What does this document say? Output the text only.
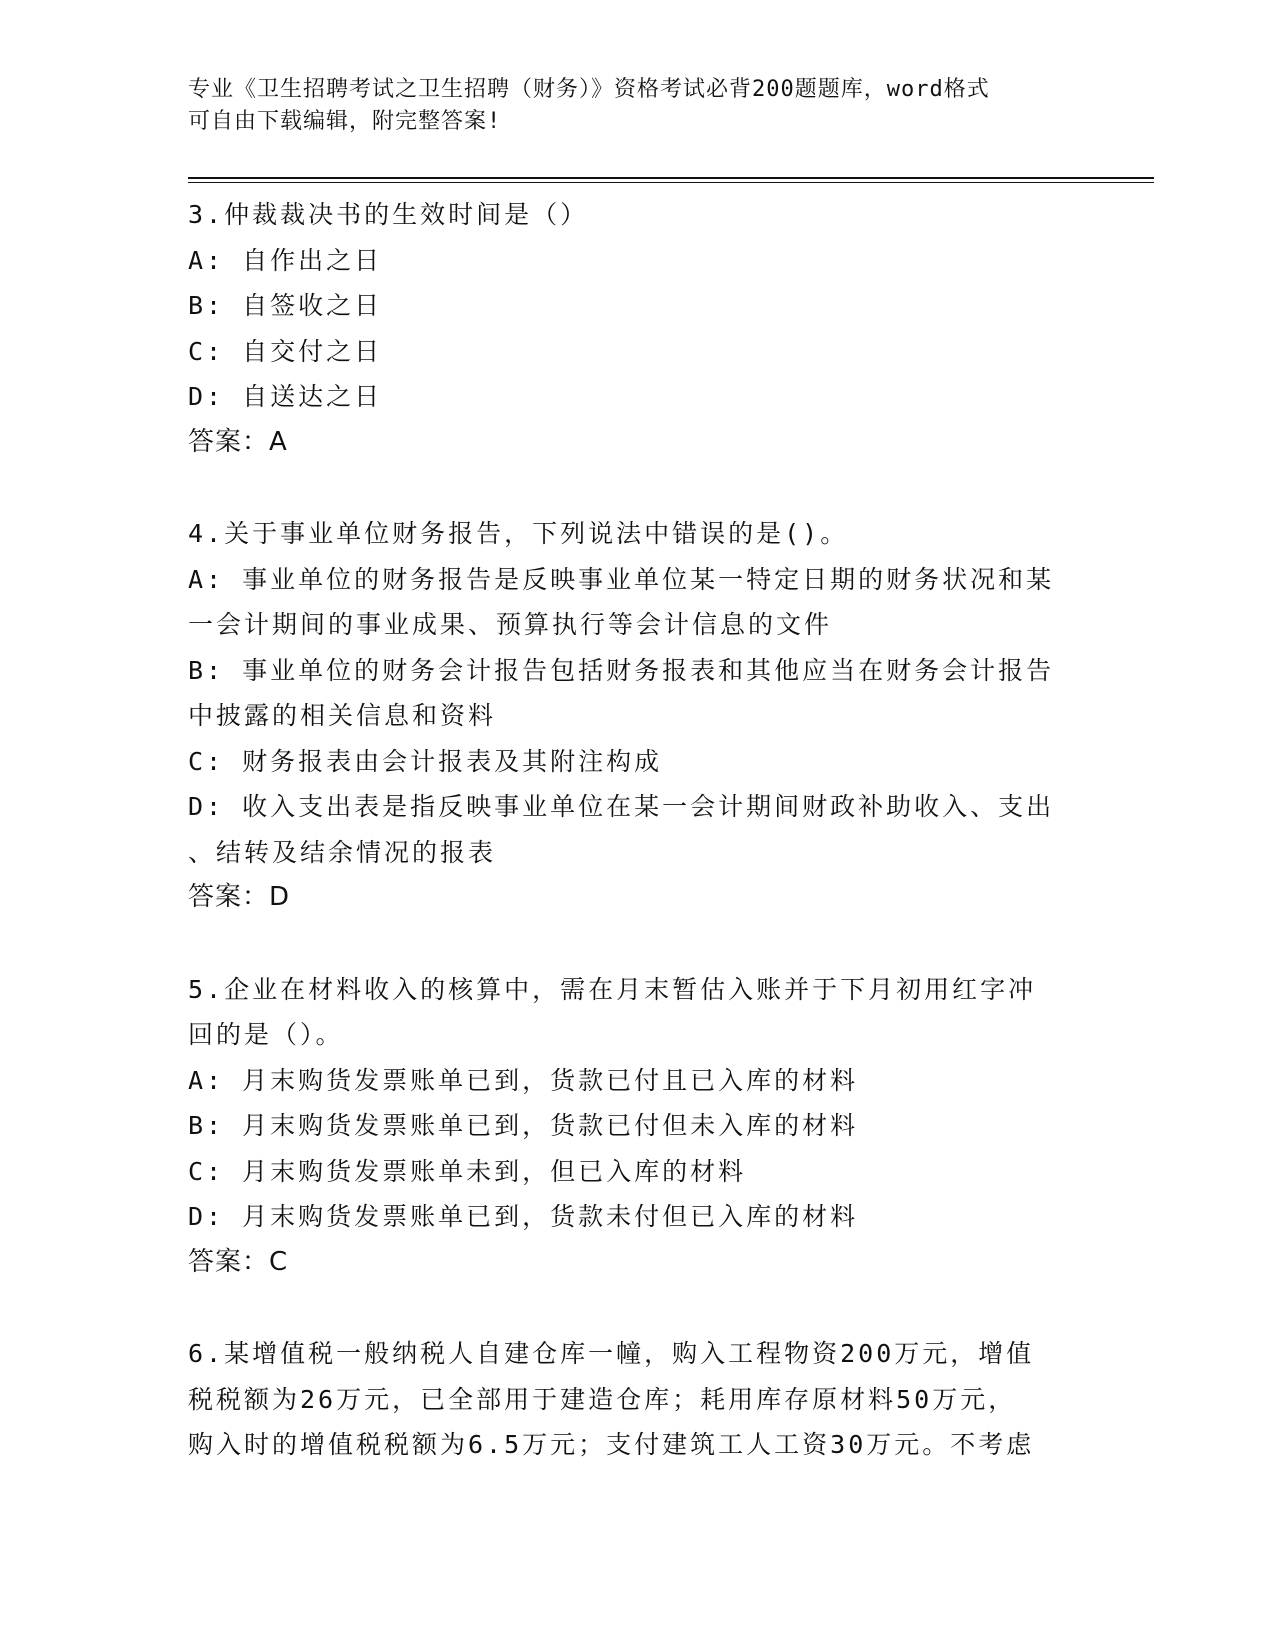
专业《卫生招聘考试之卫生招聘（财务）》资格考试必背200题题库，word格式
可自由下载编辑，附完整答案!
3.仲裁裁决书的生效时间是（）
A: 自作出之日
B: 自签收之日
C: 自交付之日
D: 自送达之日
答案：A
4.关于事业单位财务报告，下列说法中错误的是()。
A: 事业单位的财务报告是反映事业单位某一特定日期的财务状况和某
一会计期间的事业成果、预算执行等会计信息的文件
B: 事业单位的财务会计报告包括财务报表和其他应当在财务会计报告
中披露的相关信息和资料
C: 财务报表由会计报表及其附注构成
D: 收入支出表是指反映事业单位在某一会计期间财政补助收入、支出
、结转及结余情况的报表
答案：D
5.企业在材料收入的核算中，需在月末暂估入账并于下月初用红字冲
回的是（）。
A: 月末购货发票账单已到，货款已付且已入库的材料
B: 月末购货发票账单已到，货款已付但未入库的材料
C: 月末购货发票账单未到，但已入库的材料
D: 月末购货发票账单已到，货款未付但已入库的材料
答案：C
6.某增值税一般纳税人自建仓库一幢，购入工程物资200万元，增值
税税额为26万元，已全部用于建造仓库；耗用库存原材料50万元，
购入时的增值税税额为6.5万元；支付建筑工人工资30万元。不考虑
